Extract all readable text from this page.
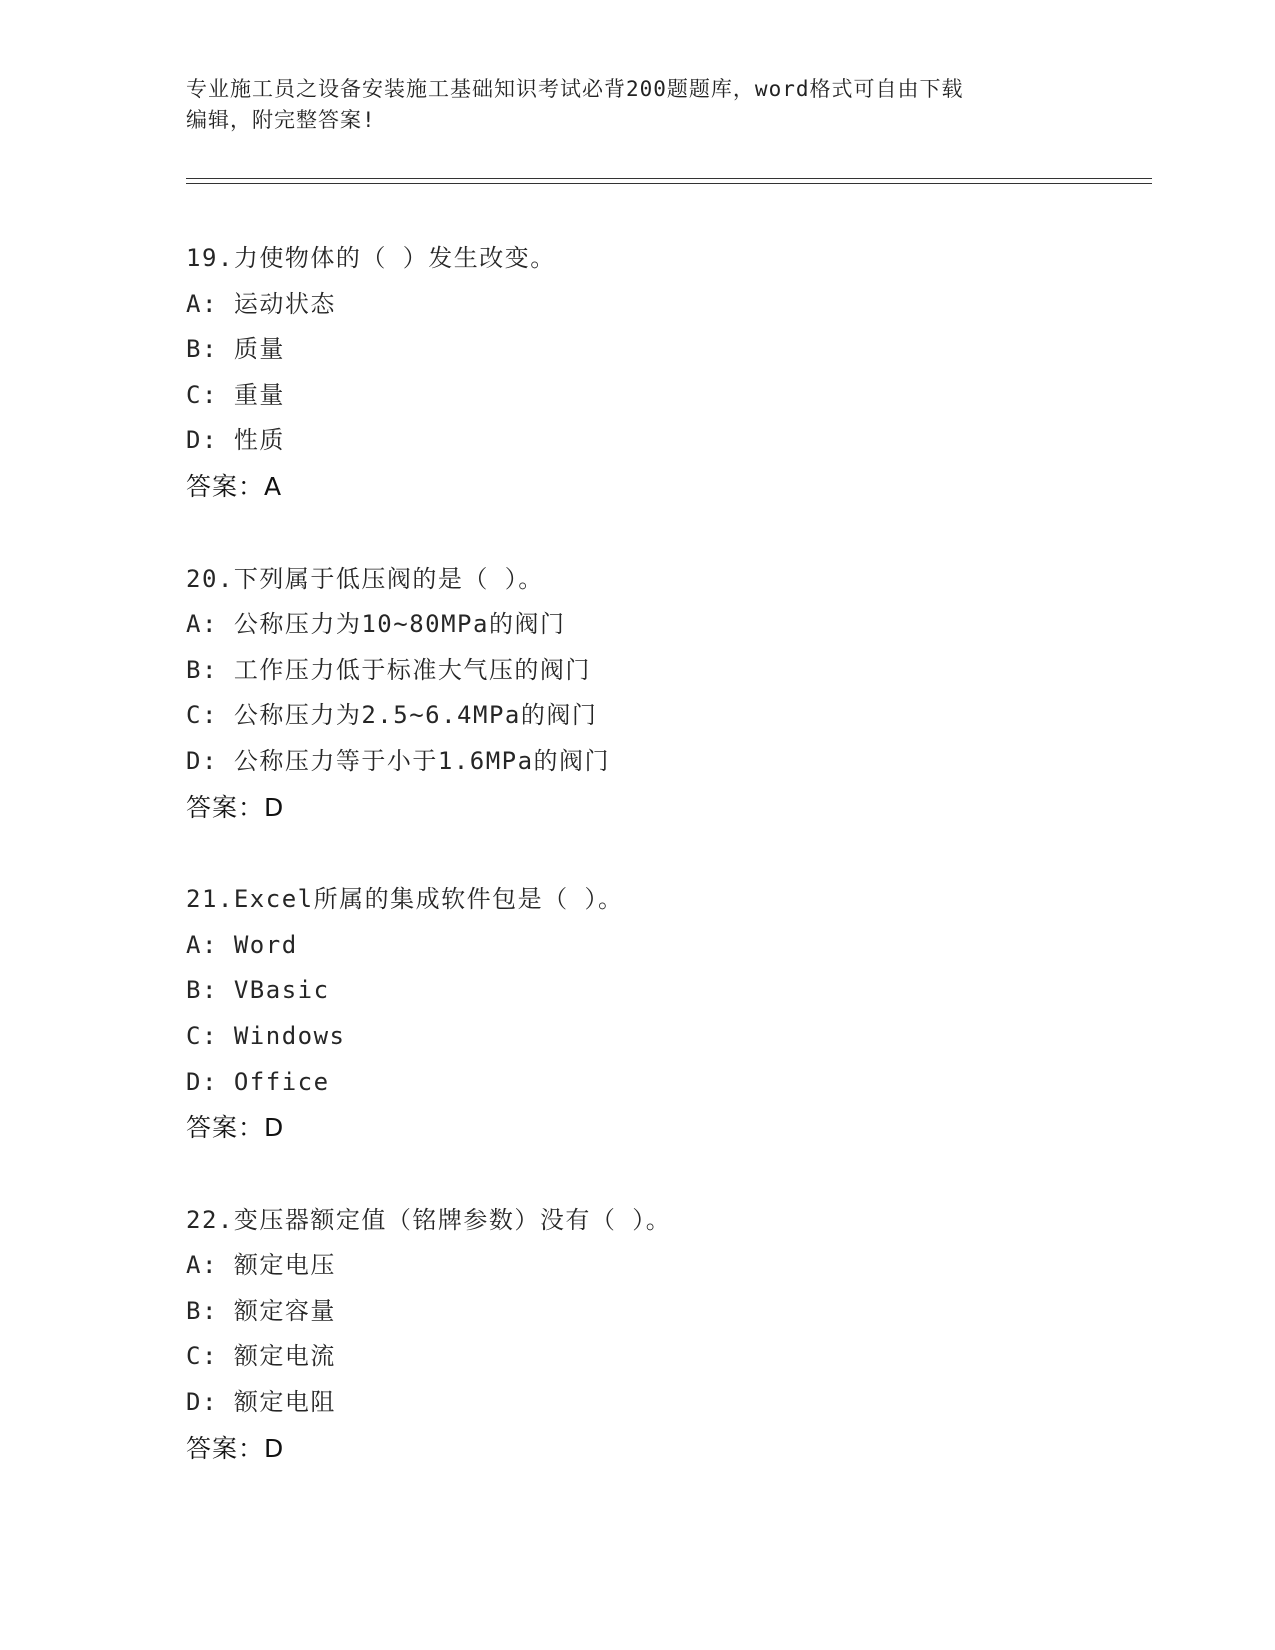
专业施工员之设备安装施工基础知识考试必背200题题库，word格式可自由下载
编辑，附完整答案!
19.力使物体的（ ）发生改变。
A: 运动状态
B: 质量
C: 重量
D: 性质
答案：A
20.下列属于低压阀的是（ ）。
A: 公称压力为10~80MPa的阀门
B: 工作压力低于标准大气压的阀门
C: 公称压力为2.5~6.4MPa的阀门
D: 公称压力等于小于1.6MPa的阀门
答案：D
21.Excel所属的集成软件包是（ ）。
A: Word
B: VBasic
C: Windows
D: Office
答案：D
22.变压器额定值（铭牌参数）没有（ ）。
A: 额定电压
B: 额定容量
C: 额定电流
D: 额定电阻
答案：D
